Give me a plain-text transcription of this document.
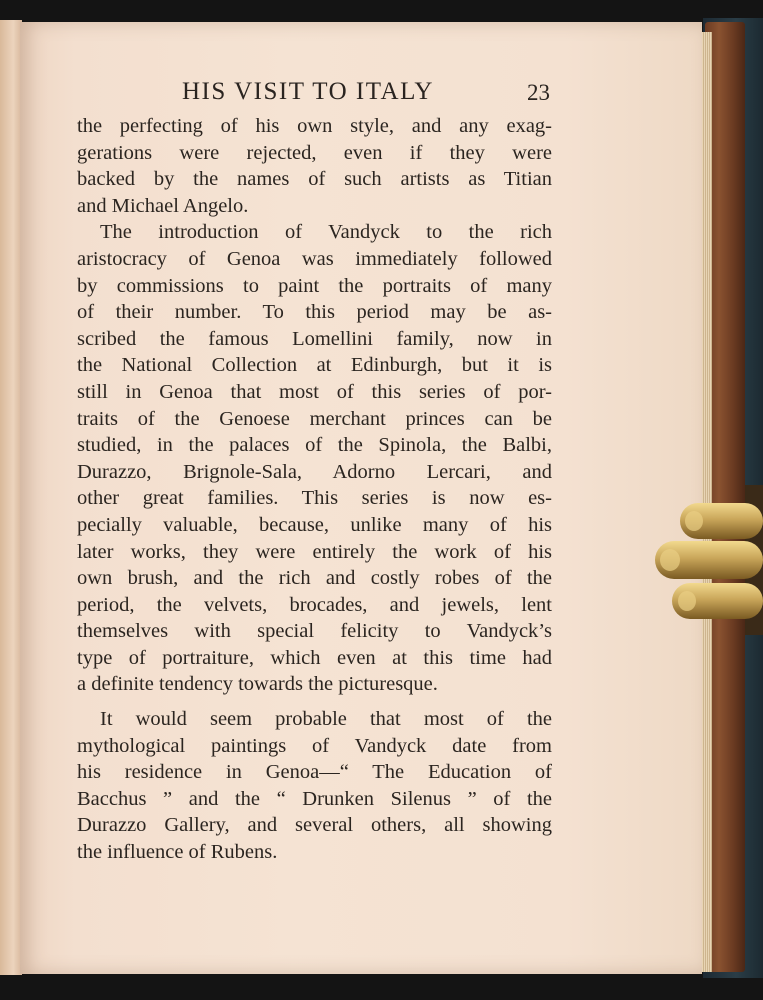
HIS VISIT TO ITALY	23
the perfecting of his own style, and any exag-
gerations were rejected, even if they were
backed by the names of such artists as Titian
and Michael Angelo.
The introduction of Vandyck to the rich
aristocracy of Genoa was immediately followed
by commissions to paint the portraits of many
of their number. To this period may be as-
scribed the famous Lomellini family, now in
the National Collection at Edinburgh, but it is
still in Genoa that most of this series of por-
traits of the Genoese merchant princes can be
studied, in the palaces of the Spinola, the Balbi,
Durazzo, Brignole-Sala, Adorno Lercari, and
other great families. This series is now es-
pecially valuable, because, unlike many of his
later works, they were entirely the work of his
own brush, and the rich and costly robes of the
period, the velvets, brocades, and jewels, lent
themselves with special felicity to Vandyck’s
type of portraiture, which even at this time had
a definite tendency towards the picturesque.
It would seem probable that most of the
mythological paintings of Vandyck date from
his residence in Genoa—“ The Education of
Bacchus ” and the “ Drunken Silenus ” of the
Durazzo Gallery, and several others, all showing
the influence of Rubens.
